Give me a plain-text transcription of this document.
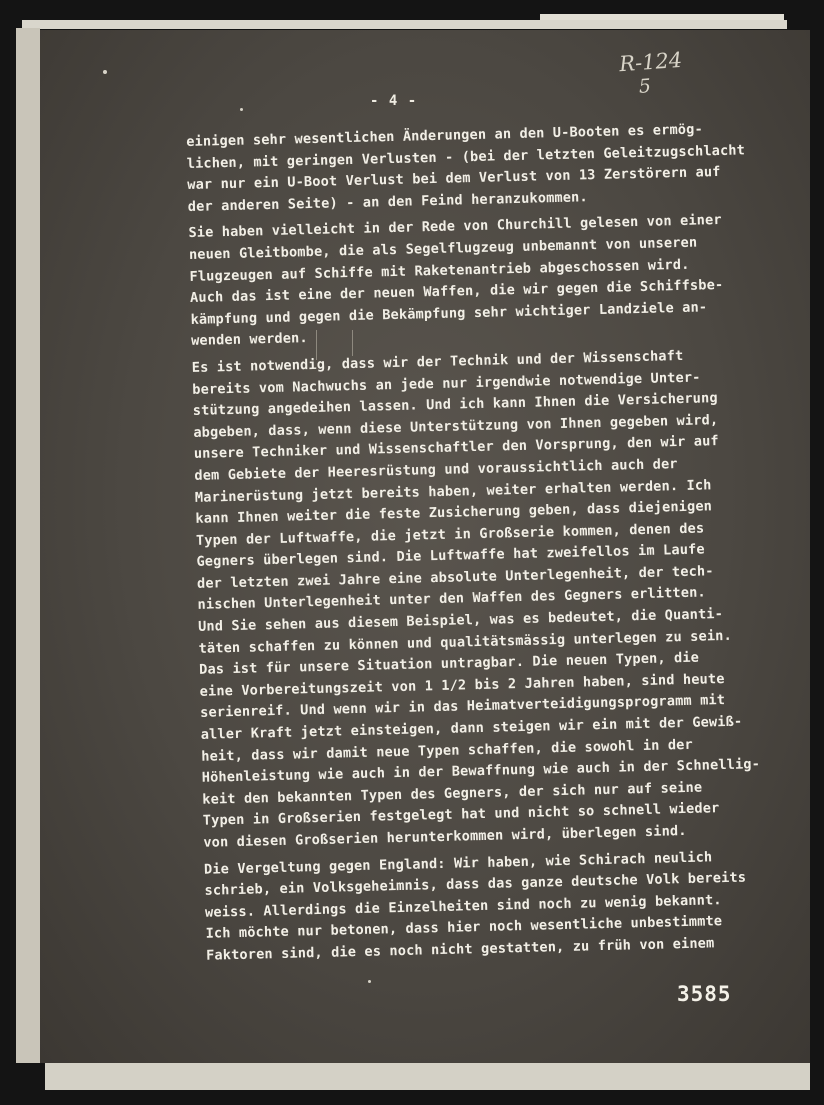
R-124
5
- 4 -
einigen sehr wesentlichen Änderungen an den U-Booten es ermög-
lichen, mit geringen Verlusten - (bei der letzten Geleitzugschlacht
war nur ein U-Boot Verlust bei dem Verlust von 13 Zerstörern auf
der anderen Seite) - an den Feind heranzukommen.
Sie haben vielleicht in der Rede von Churchill gelesen von einer
neuen Gleitbombe, die als Segelflugzeug unbemannt von unseren
Flugzeugen auf Schiffe mit Raketenantrieb abgeschossen wird.
Auch das ist eine der neuen Waffen, die wir gegen die Schiffsbe-
kämpfung und gegen die Bekämpfung sehr wichtiger Landziele an-
wenden werden.
Es ist notwendig, dass wir der Technik und der Wissenschaft
bereits vom Nachwuchs an jede nur irgendwie notwendige Unter-
stützung angedeihen lassen. Und ich kann Ihnen die Versicherung
abgeben, dass, wenn diese Unterstützung von Ihnen gegeben wird,
unsere Techniker und Wissenschaftler den Vorsprung, den wir auf
dem Gebiete der Heeresrüstung und voraussichtlich auch der
Marinerüstung jetzt bereits haben, weiter erhalten werden. Ich
kann Ihnen weiter die feste Zusicherung geben, dass diejenigen
Typen der Luftwaffe, die jetzt in Großserie kommen, denen des
Gegners überlegen sind. Die Luftwaffe hat zweifellos im Laufe
der letzten zwei Jahre eine absolute Unterlegenheit, der tech-
nischen Unterlegenheit unter den Waffen des Gegners erlitten.
Und Sie sehen aus diesem Beispiel, was es bedeutet, die Quanti-
täten schaffen zu können und qualitätsmässig unterlegen zu sein.
Das ist für unsere Situation untragbar. Die neuen Typen, die
eine Vorbereitungszeit von 1 1/2 bis 2 Jahren haben, sind heute
serienreif. Und wenn wir in das Heimatverteidigungsprogramm mit
aller Kraft jetzt einsteigen, dann steigen wir ein mit der Gewiß-
heit, dass wir damit neue Typen schaffen, die sowohl in der
Höhenleistung wie auch in der Bewaffnung wie auch in der Schnellig-
keit den bekannten Typen des Gegners, der sich nur auf seine
Typen in Großserien festgelegt hat und nicht so schnell wieder
von diesen Großserien herunterkommen wird, überlegen sind.
Die Vergeltung gegen England: Wir haben, wie Schirach neulich
schrieb, ein Volksgeheimnis, dass das ganze deutsche Volk bereits
weiss. Allerdings die Einzelheiten sind noch zu wenig bekannt.
Ich möchte nur betonen, dass hier noch wesentliche unbestimmte
Faktoren sind, die es noch nicht gestatten, zu früh von einem
3585
